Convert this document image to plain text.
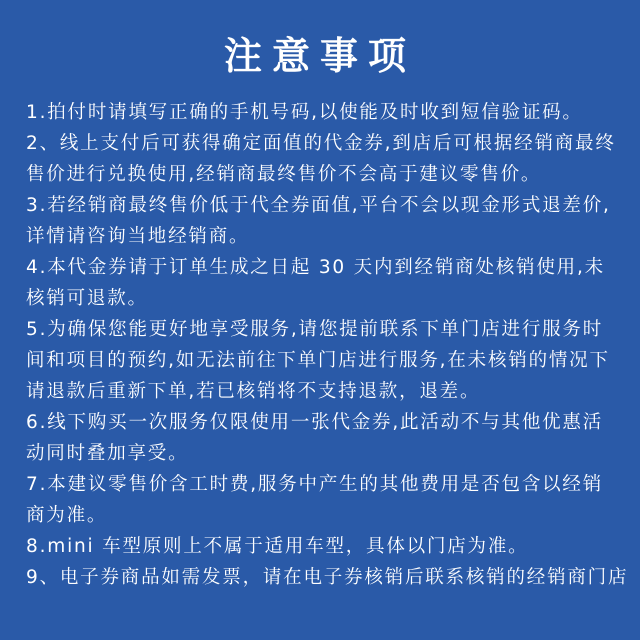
注意事项

1.拍付时请填写正确的手机号码,以使能及时收到短信验证码。

2、线上支付后可获得确定面值的代金券,到店后可根据经销商最终

售价进行兑换使用,经销商最终售价不会高于建议零售价。

3.若经销商最终售价低于代全券面值,平台不会以现金形式退差价,

详情请咨询当地经销商。

4.本代金券请于订单生成之日起 30 天内到经销商处核销使用,未

核销可退款。

5.为确保您能更好地享受服务,请您提前联系下单门店进行服务时

间和项目的预约,如无法前往下单门店进行服务,在未核销的情况下

请退款后重新下单,若已核销将不支持退款，退差。

6.线下购买一次服务仅限使用一张代金券,此活动不与其他优惠活

动同时叠加享受。

7.本建议零售价含工时费,服务中产生的其他费用是否包含以经销

商为准。

8.mini 车型原则上不属于适用车型，具体以门店为准。

9、电子券商品如需发票，请在电子券核销后联系核销的经销商门店
